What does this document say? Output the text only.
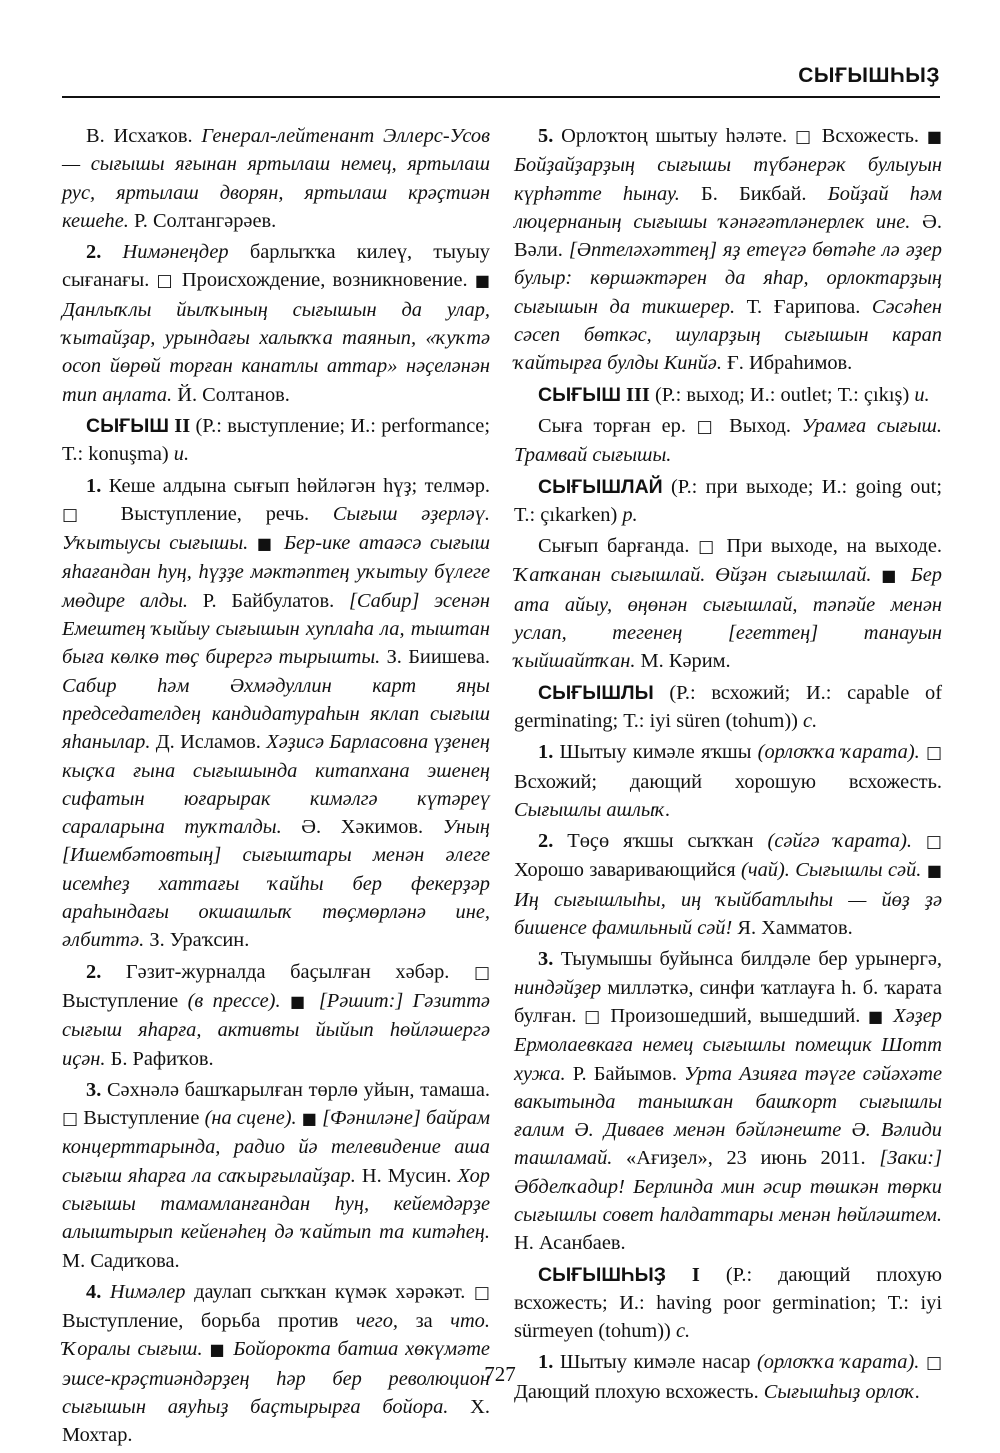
СЫҒЫШҺЫҘ

В. Исхаҡов. Генерал-лейтенант Эллерс-Усов — сығышы яғынан яртылаш немец, яртылаш рус, яртылаш дворян, яртылаш крәҫтиән кешеһе. Р. Солтангәрәев.

2. Нимәнеңдер барлыҡҡа килеү, тыуыу сығанағы. □ Происхождение, возникновение. ■ Данлыҡлы йылҡының сығышын да улар, ҡытайҙар, урындағы халыҡҡа таянып, «ҡуҡтә осоп йөрөй торған канатлы аттар» нәҫеләнән тип аңлата. Й. Солтанов.

СЫҒЫШ II (Р.: выступление; И.: performance; Т.: konuşma) и.

1. Кеше алдына сығып һөйләгән һүҙ; телмәр. □ Выступление, речь. Сығыш әҙерләү. Уҡытыусы сығышы. ■ Бер-ике атаәсә сығыш яһағандан һуң, һүҙҙе мәктәптең уҡытыу бүлеге мөдире алды. Р. Байбулатов. [Сабир] эсенән Емештең ҡыйыу сығышын хуплаһа ла, тыштан быға көлкө төҫ бирергә тырышты. З. Биишева. Сабир һәм Әхмәдуллин карт яңы председателдең кандидатураһын яклап сығыш яһанылар. Д. Исламов. Хәҙисә Барласовна үҙенең кыҫҡа ғына сығышында китапхана эшенең сифатын юғарырак кимәлгә күтәреү сараларына туҡталды. Ә. Хәкимов. Уның [Ишембәтовтың] сығыштары менән әлеге исемһеҙ хаттағы ҡайһы бер фекерҙәр араһындағы окшашлыҡ төҫмөрләнә ине, әлбиттә. З. Ураҡсин.

2. Гәзит-журналда баҫылған хәбәр. □ Выступление (в прессе). ■ [Рәшит:] Гәзиттә сығыш яһарға, активты йыйып һөйләшергә иҫән. Б. Рафиҡов.

3. Сәхнәлә башҡарылған төрлө уйын, тамаша. □ Выступление (на сцене). ■ [Фәниләне] байрам концерттарында, радио йә телевидение аша сығыш яһарға ла саҡырғылайҙар. Н. Мусин. Хор сығышы тамамланғандан һуң, кейемдәрҙе алыштырып кейенәһең дә ҡайтып та китәһең. М. Садиҡова.

4. Нимәлер даулап сыҡҡан күмәк хәрәкәт. □ Выступление, борьба против чего, за что. Ҡоралы сығыш. ■ Бойорокта батша хөкүмәте эшсе-крәҫтиәндәрҙең һәр бер революцион сығышын аяуһыҙ баҫтырырға бойора. Х. Мохтар.

5. Орлоҡтоң шытыу һәләте. □ Всхожесть. ■ Бойҙайҙарҙың сығышы түбәнерәк булыуын күрһәтте һынау. Б. Бикбай. Бойҙай һәм люцернаның сығышы ҡәнәғәтләнерлек ине. Ә. Вәли. [Әптеләхәттең] яҙ етеүгә бөтәһе лә әҙер булыр: көршәктәрен да яһар, орлоктарҙың сығышын да тикшерер. Т. Ғарипова. Сәсәһен сәсеп бөткәс, шуларҙың сығышын карап ҡайтырға булды Кинйә. Ғ. Ибраһимов.

СЫҒЫШ III (Р.: выход; И.: outlet; Т.: çıkış) и.

Сыға торған ер. □ Выход. Урамға сығыш. Трамвай сығышы.

СЫҒЫШЛАЙ (Р.: при выходе; И.: going out; Т.: çıkarken) р.

Сығып барғанда. □ При выходе, на выходе. Ҡапҡанан сығышлай. Өйҙән сығышлай. ■ Бер ата айыу, өңөнән сығышлай, тәпәйе менән услап, тегенең [егеттең] танауын ҡыйшайтҡан. М. Кәрим.

СЫҒЫШЛЫ (Р.: всхожий; И.: capable of germinating; Т.: iyi süren (tohum)) с.

1. Шытыу кимәле яҡшы (орлоҡҡа ҡарата). □ Всхожий; дающий хорошую всхожесть. Сығышлы ашлыҡ.

2. Төҫө яҡшы сыҡҡан (сәйгә ҡарата). □ Хорошо заваривающийся (чай). Сығышлы сәй. ■ Иң сығышлыһы, иң ҡыйбатлыһы — йөҙ ҙә бишенсе фамильный сәй! Я. Хамматов.

3. Тыумышы буйынса билдәле бер урынергә, ниндәйҙер милләткә, синфи ҡатлауға һ. б. ҡарата булған. □ Произошедший, вышедший. ■ Хәҙер Ермолаевкаға немец сығышлы помещик Шотт хужа. Р. Байымов. Урта Азияға тәүге сәйәхәте вакытында танышҡан башҡорт сығышлы ғалим Ә. Диваев менән бәйләнеште Ә. Вәлиди ташламай. «Ағиҙел», 23 июнь 2011. [Заки:] Әбделҡадир! Берлинда мин әсир төшкән төрки сығышлы совет һалдаттары менән һөйләштем. Н. Асанбаев.

СЫҒЫШҺЫҘ I (Р.: дающий плохую всхожесть; И.: having poor germination; Т.: iyi sürmeyen (tohum)) с.

1. Шытыу кимәле насар (орлоҡҡа ҡарата). □ Дающий плохую всхожесть. Сығышһыҙ орлоҡ.

727
